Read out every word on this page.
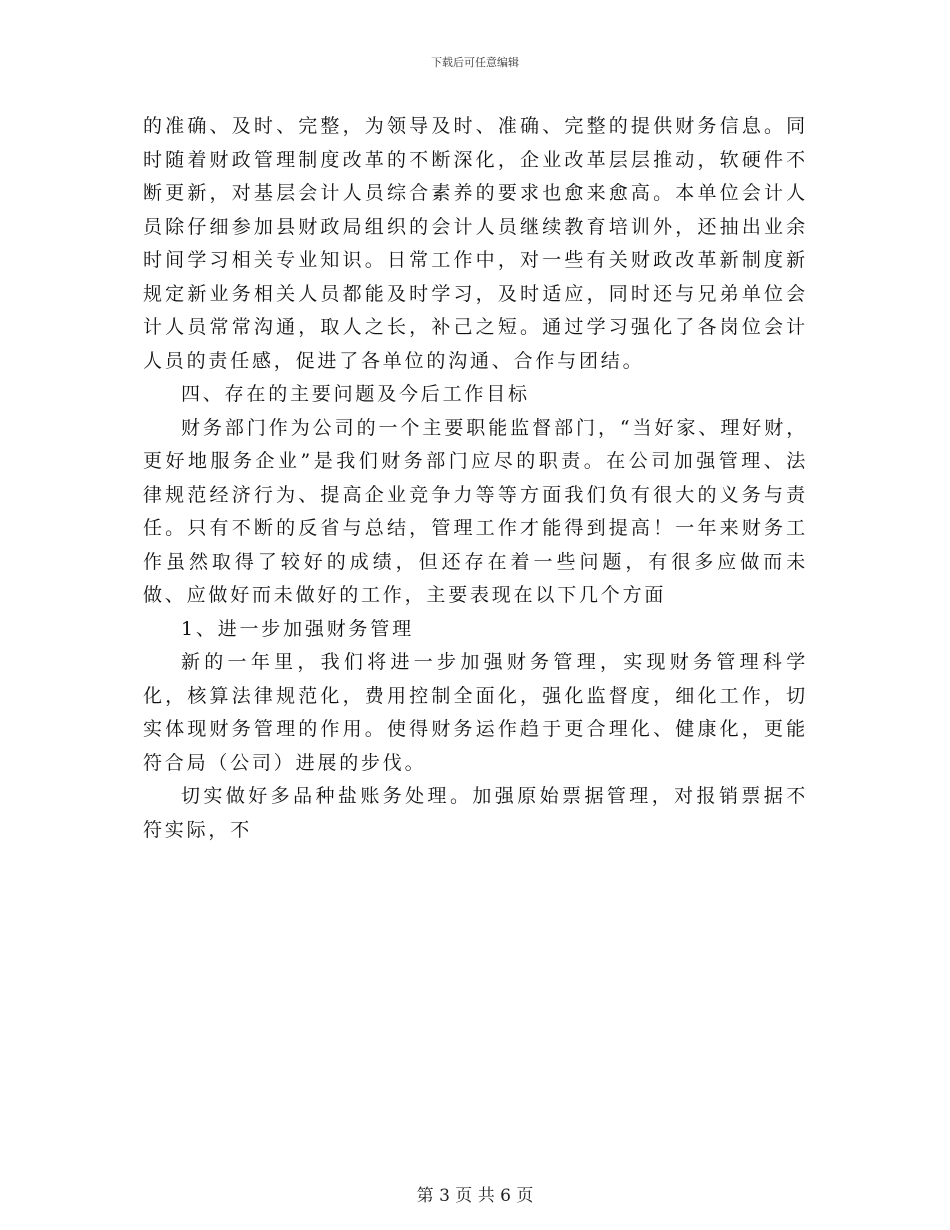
下载后可任意编辑

的准确、及时、完整，为领导及时、准确、完整的提供财务信息。同时随着财政管理制度改革的不断深化，企业改革层层推动，软硬件不断更新，对基层会计人员综合素养的要求也愈来愈高。本单位会计人员除仔细参加县财政局组织的会计人员继续教育培训外，还抽出业余时间学习相关专业知识。日常工作中，对一些有关财政改革新制度新规定新业务相关人员都能及时学习，及时适应，同时还与兄弟单位会计人员常常沟通，取人之长，补己之短。通过学习强化了各岗位会计人员的责任感，促进了各单位的沟通、合作与团结。

四、存在的主要问题及今后工作目标

财务部门作为公司的一个主要职能监督部门，“当好家、理好财，更好地服务企业”是我们财务部门应尽的职责。在公司加强管理、法律规范经济行为、提高企业竞争力等等方面我们负有很大的义务与责任。只有不断的反省与总结，管理工作才能得到提高！一年来财务工作虽然取得了较好的成绩，但还存在着一些问题，有很多应做而未做、应做好而未做好的工作，主要表现在以下几个方面

1、进一步加强财务管理

新的一年里，我们将进一步加强财务管理，实现财务管理科学化，核算法律规范化，费用控制全面化，强化监督度，细化工作，切实体现财务管理的作用。使得财务运作趋于更合理化、健康化，更能符合局（公司）进展的步伐。

切实做好多品种盐账务处理。加强原始票据管理，对报销票据不符实际，不

第 3 页 共 6 页
